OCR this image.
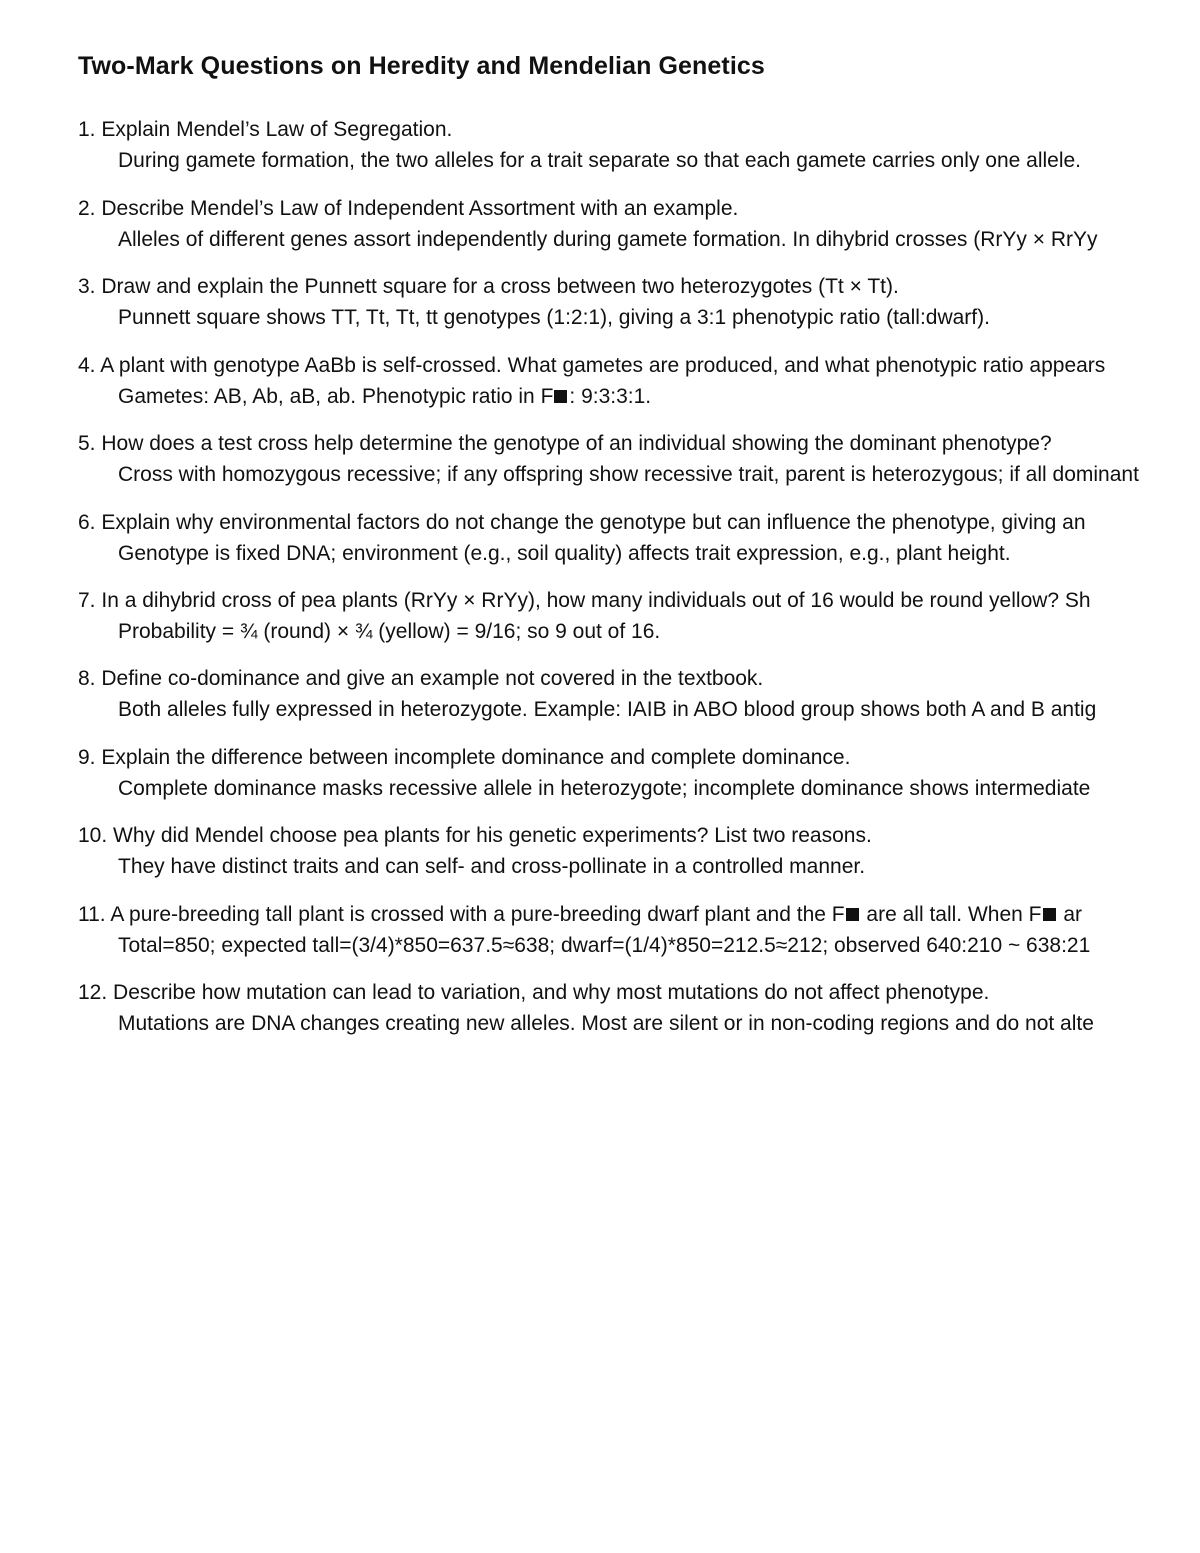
Two-Mark Questions on Heredity and Mendelian Genetics
1. Explain Mendel’s Law of Segregation.
During gamete formation, the two alleles for a trait separate so that each gamete carries only one allele.
2. Describe Mendel’s Law of Independent Assortment with an example.
Alleles of different genes assort independently during gamete formation. In dihybrid crosses (RrYy × RrYy
3. Draw and explain the Punnett square for a cross between two heterozygotes (Tt × Tt).
Punnett square shows TT, Tt, Tt, tt genotypes (1:2:1), giving a 3:1 phenotypic ratio (tall:dwarf).
4. A plant with genotype AaBb is self-crossed. What gametes are produced, and what phenotypic ratio appears
Gametes: AB, Ab, aB, ab. Phenotypic ratio in F : 9:3:3:1.
5. How does a test cross help determine the genotype of an individual showing the dominant phenotype?
Cross with homozygous recessive; if any offspring show recessive trait, parent is heterozygous; if all dominant
6. Explain why environmental factors do not change the genotype but can influence the phenotype, giving an
Genotype is fixed DNA; environment (e.g., soil quality) affects trait expression, e.g., plant height.
7. In a dihybrid cross of pea plants (RrYy × RrYy), how many individuals out of 16 would be round yellow? Sh
Probability = ¾ (round) × ¾ (yellow) = 9/16; so 9 out of 16.
8. Define co-dominance and give an example not covered in the textbook.
Both alleles fully expressed in heterozygote. Example: IAIB in ABO blood group shows both A and B antig
9. Explain the difference between incomplete dominance and complete dominance.
Complete dominance masks recessive allele in heterozygote; incomplete dominance shows intermediate
10. Why did Mendel choose pea plants for his genetic experiments? List two reasons.
They have distinct traits and can self- and cross-pollinate in a controlled manner.
11. A pure-breeding tall plant is crossed with a pure-breeding dwarf plant and the F are all tall. When F ar
Total=850; expected tall=(3/4)*850=637.5≈638; dwarf=(1/4)*850=212.5≈212; observed 640:210 ~ 638:21
12. Describe how mutation can lead to variation, and why most mutations do not affect phenotype.
Mutations are DNA changes creating new alleles. Most are silent or in non-coding regions and do not alte
